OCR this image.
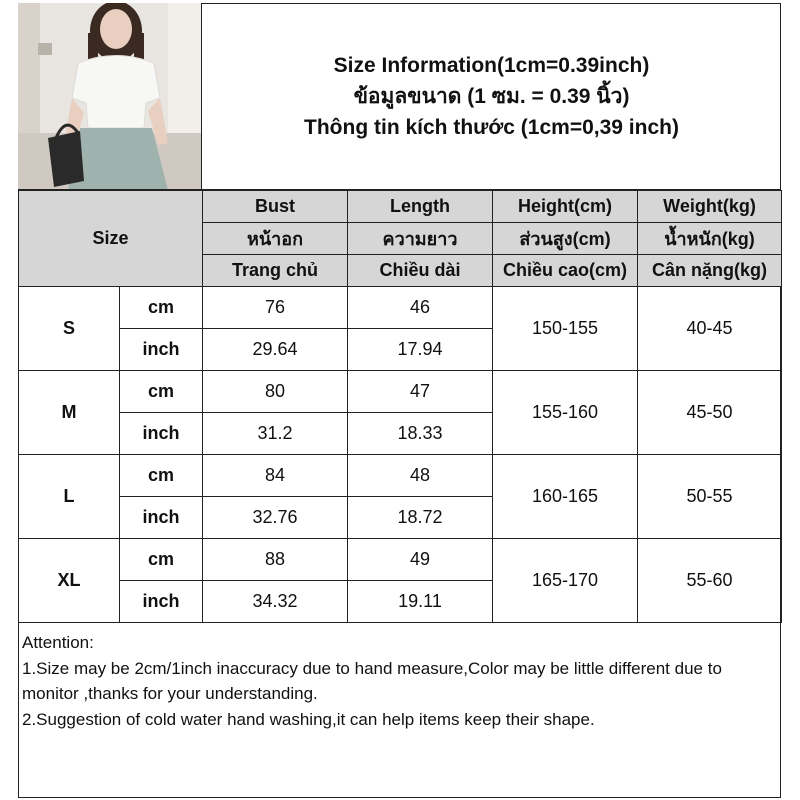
Size Information(1cm=0.39inch)
ข้อมูลขนาด (1 ซม. = 0.39 นิ้ว)
Thông tin kích thước (1cm=0,39 inch)
Size		Bust	Length	Height(cm)	Weight(kg)
		หน้าอก	ความยาว	ส่วนสูง(cm)	น้ำหนัก(kg)
		Trang chủ	Chiều dài	Chiều cao(cm)	Cân nặng(kg)
S	cm	76	46	150-155	40-45
	inch	29.64	17.94		
M	cm	80	47	155-160	45-50
	inch	31.2	18.33		
L	cm	84	48	160-165	50-55
	inch	32.76	18.72		
XL	cm	88	49	165-170	55-60
	inch	34.32	19.11		
Attention:
1.Size may be 2cm/1inch inaccuracy due to hand measure,Color may be little different due to monitor ,thanks for your understanding.
2.Suggestion of cold water hand washing,it can help items keep their shape.
